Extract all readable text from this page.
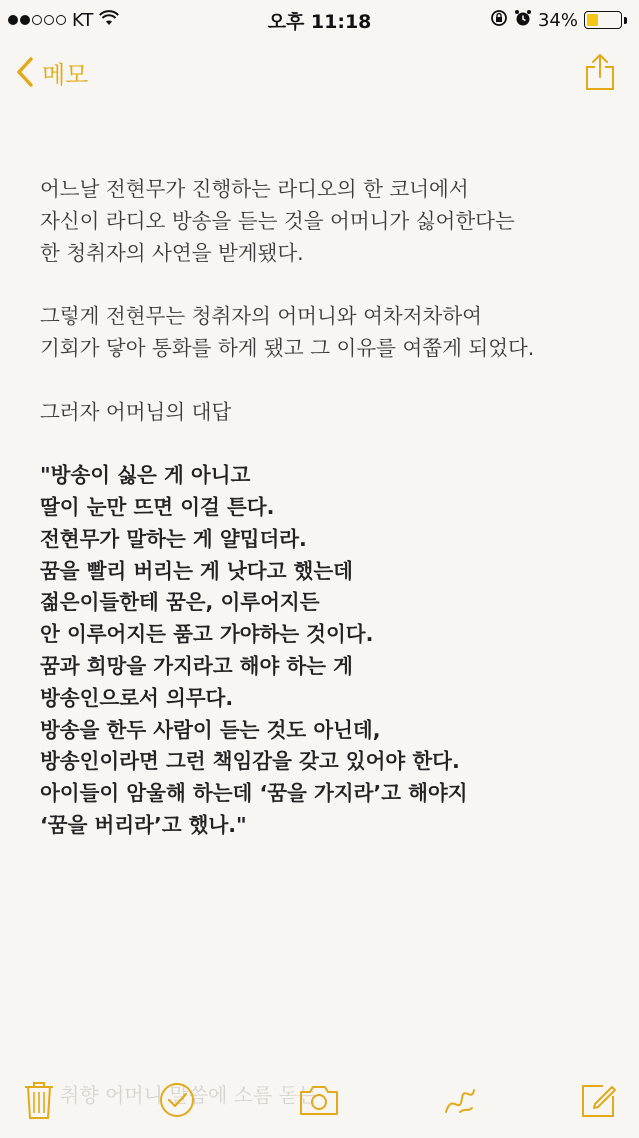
KT	오후 11:18	34%
메모
어느날 전현무가 진행하는 라디오의 한 코너에서
자신이 라디오 방송을 듣는 것을 어머니가 싫어한다는
한 청취자의 사연을 받게됐다.
그렇게 전현무는 청취자의 어머니와 여차저차하여
기회가 닿아 통화를 하게 됐고 그 이유를 여쭙게 되었다.
그러자 어머님의 대답
"방송이 싫은 게 아니고
딸이 눈만 뜨면 이걸 튼다.
전현무가 말하는 게 얄밉더라.
꿈을 빨리 버리는 게 낫다고 했는데
젊은이들한테 꿈은, 이루어지든
안 이루어지든 품고 가야하는 것이다.
꿈과 희망을 가지라고 해야 하는 게
방송인으로서 의무다.
방송을 한두 사람이 듣는 것도 아닌데,
방송인이라면 그런 책임감을 갖고 있어야 한다.
아이들이 암울해 하는데 ‘꿈을 가지라’고 해야지
‘꿈을 버리라’고 했나."
취향 어머니 말씀에 소름 돋는
